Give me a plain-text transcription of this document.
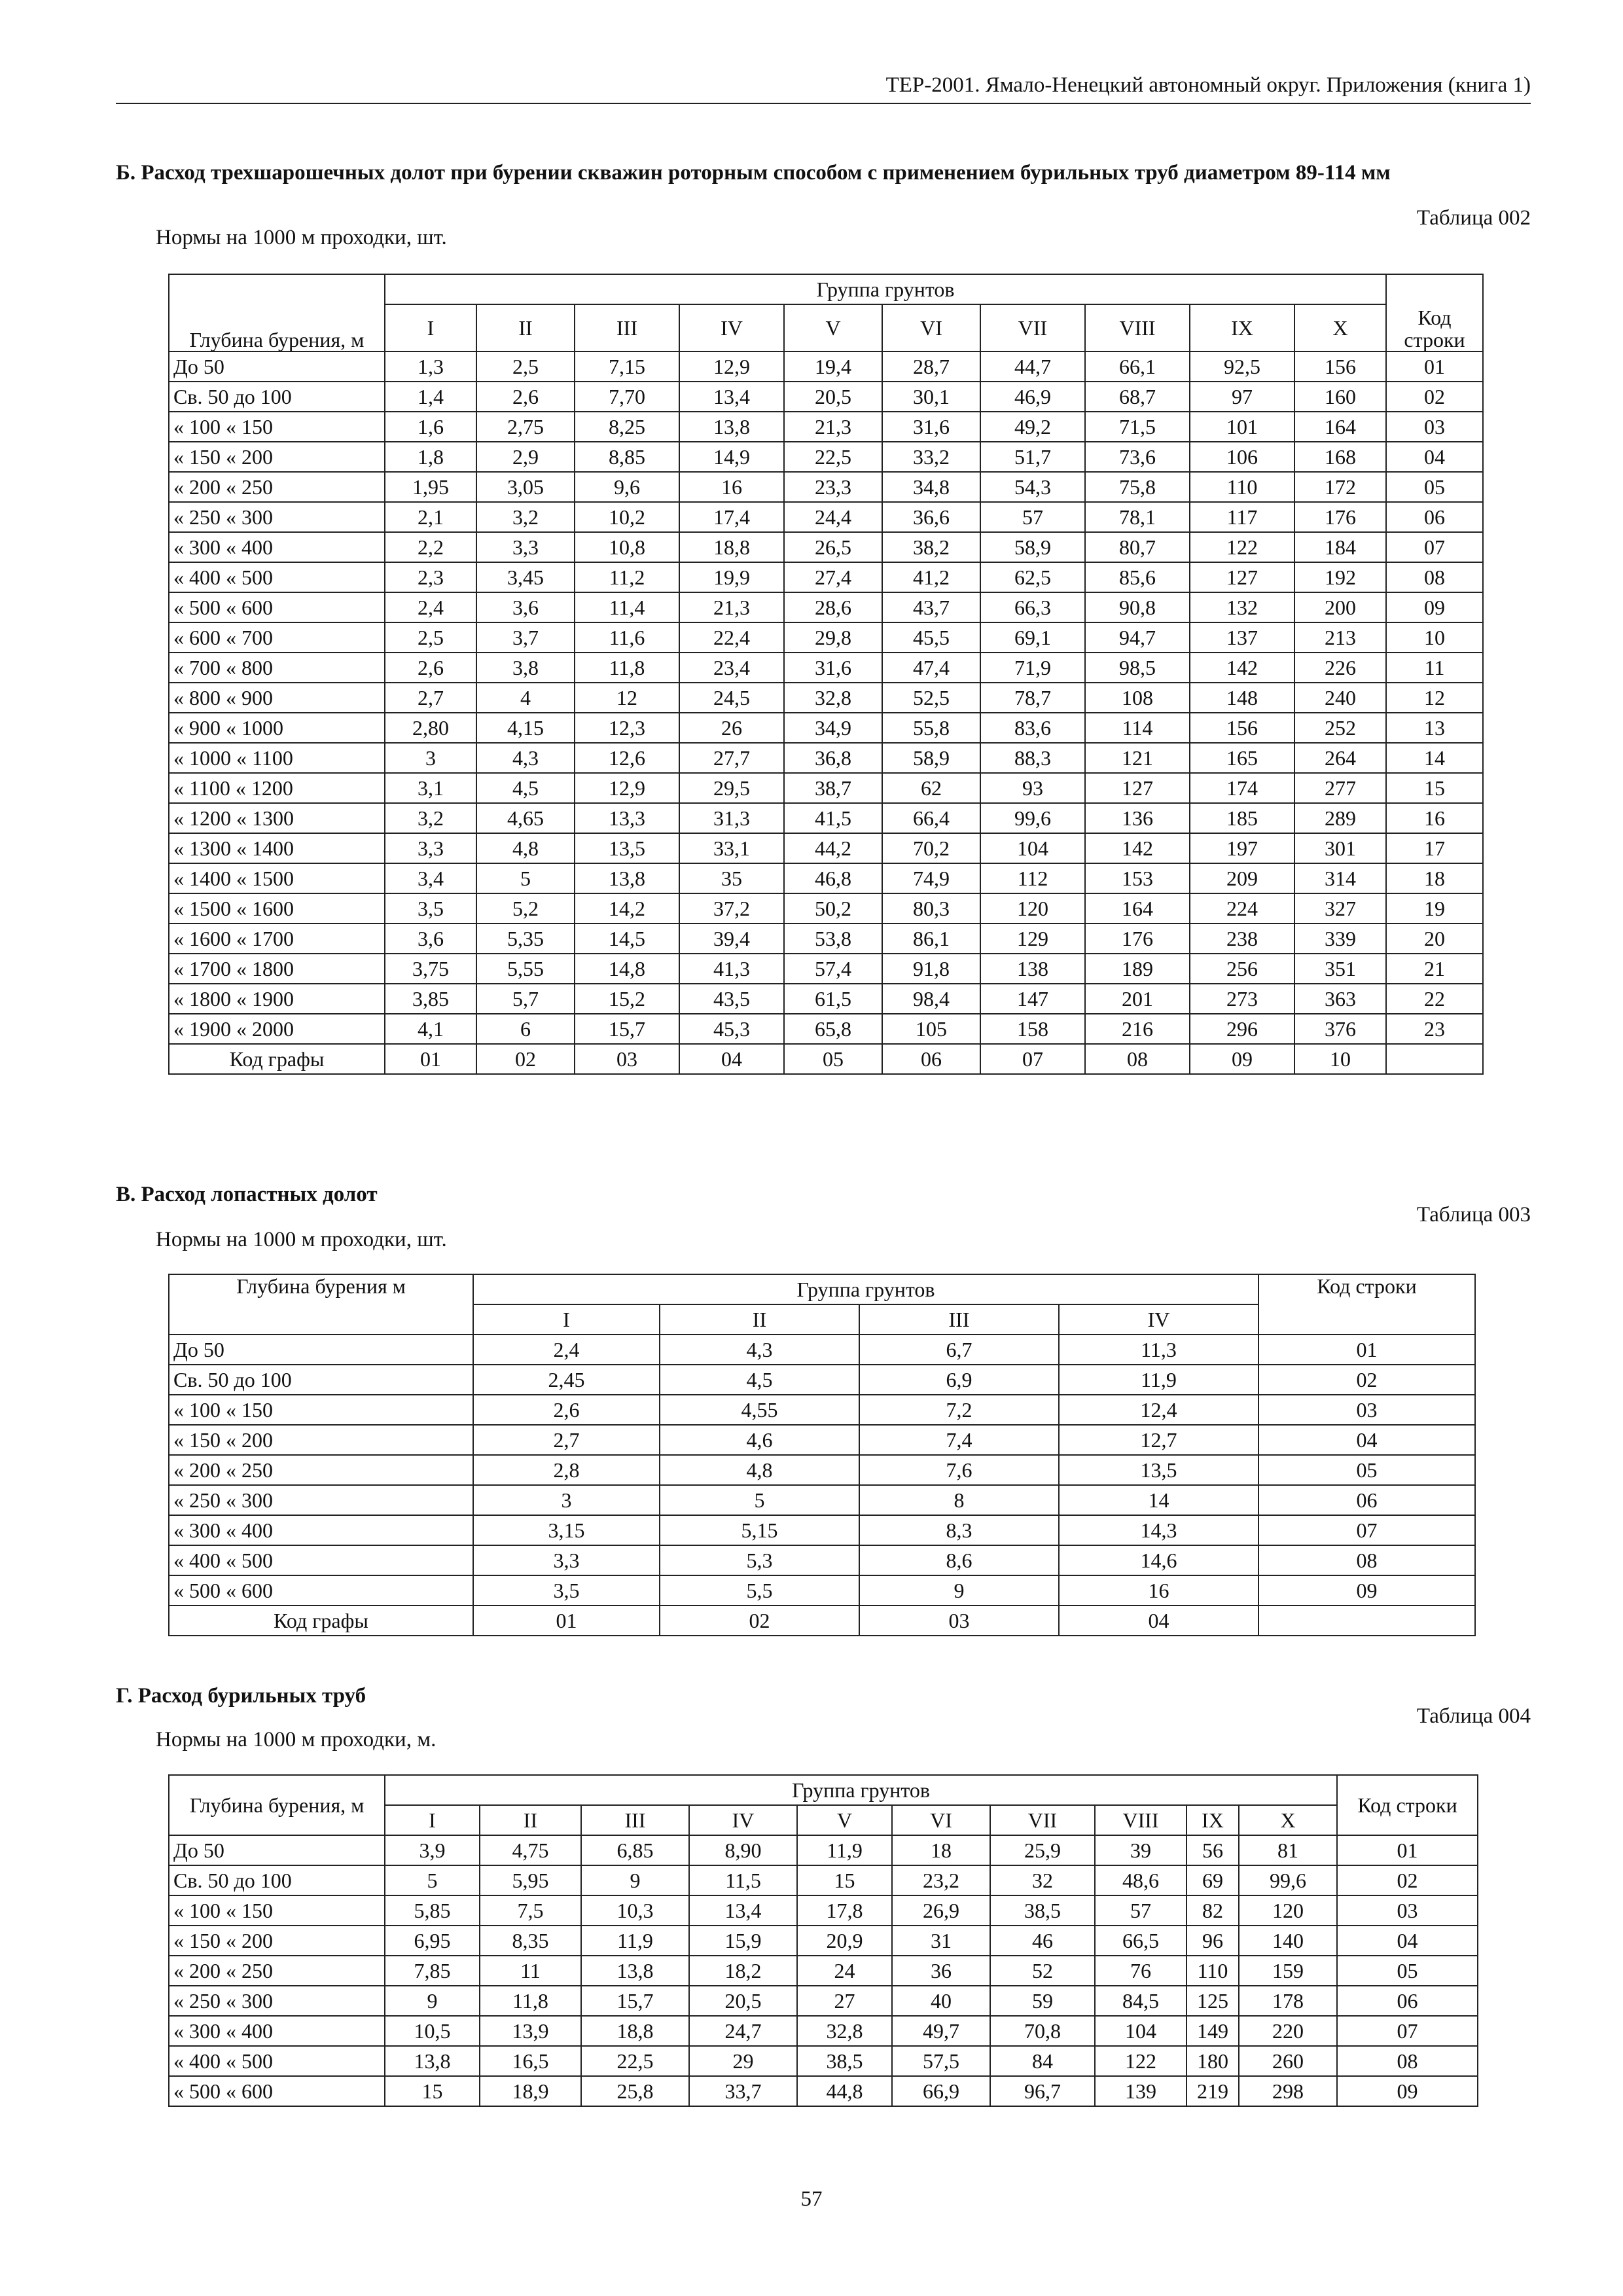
ТЕР-2001. Ямало-Ненецкий автономный округ. Приложения (книга 1)
Б. Расход трехшарошечных долот при бурении скважин роторным способом с применением бурильных труб диаметром 89-114 мм
Таблица 002
Нормы на 1000 м проходки, шт.
Глубина бурения, м	Группа грунтов										Код строки
	I	II	III	IV	V	VI	VII	VIII	IX	X	
До 50	1,3	2,5	7,15	12,9	19,4	28,7	44,7	66,1	92,5	156	01
Св. 50 до 100	1,4	2,6	7,70	13,4	20,5	30,1	46,9	68,7	97	160	02
« 100 « 150	1,6	2,75	8,25	13,8	21,3	31,6	49,2	71,5	101	164	03
« 150 « 200	1,8	2,9	8,85	14,9	22,5	33,2	51,7	73,6	106	168	04
« 200 « 250	1,95	3,05	9,6	16	23,3	34,8	54,3	75,8	110	172	05
« 250 « 300	2,1	3,2	10,2	17,4	24,4	36,6	57	78,1	117	176	06
« 300 « 400	2,2	3,3	10,8	18,8	26,5	38,2	58,9	80,7	122	184	07
« 400 « 500	2,3	3,45	11,2	19,9	27,4	41,2	62,5	85,6	127	192	08
« 500 « 600	2,4	3,6	11,4	21,3	28,6	43,7	66,3	90,8	132	200	09
« 600 « 700	2,5	3,7	11,6	22,4	29,8	45,5	69,1	94,7	137	213	10
« 700 « 800	2,6	3,8	11,8	23,4	31,6	47,4	71,9	98,5	142	226	11
« 800 « 900	2,7	4	12	24,5	32,8	52,5	78,7	108	148	240	12
« 900 « 1000	2,80	4,15	12,3	26	34,9	55,8	83,6	114	156	252	13
« 1000 « 1100	3	4,3	12,6	27,7	36,8	58,9	88,3	121	165	264	14
« 1100 « 1200	3,1	4,5	12,9	29,5	38,7	62	93	127	174	277	15
« 1200 « 1300	3,2	4,65	13,3	31,3	41,5	66,4	99,6	136	185	289	16
« 1300 « 1400	3,3	4,8	13,5	33,1	44,2	70,2	104	142	197	301	17
« 1400 « 1500	3,4	5	13,8	35	46,8	74,9	112	153	209	314	18
« 1500 « 1600	3,5	5,2	14,2	37,2	50,2	80,3	120	164	224	327	19
« 1600 « 1700	3,6	5,35	14,5	39,4	53,8	86,1	129	176	238	339	20
« 1700 « 1800	3,75	5,55	14,8	41,3	57,4	91,8	138	189	256	351	21
« 1800 « 1900	3,85	5,7	15,2	43,5	61,5	98,4	147	201	273	363	22
« 1900 « 2000	4,1	6	15,7	45,3	65,8	105	158	216	296	376	23
Код графы	01	02	03	04	05	06	07	08	09	10	
В. Расход лопастных долот
Таблица 003
Нормы на 1000 м проходки, шт.
Глубина бурения м	Группа грунтов				Код строки
	I	II	III	IV	
До 50	2,4	4,3	6,7	11,3	01
Св. 50 до 100	2,45	4,5	6,9	11,9	02
« 100 « 150	2,6	4,55	7,2	12,4	03
« 150 « 200	2,7	4,6	7,4	12,7	04
« 200 « 250	2,8	4,8	7,6	13,5	05
« 250 « 300	3	5	8	14	06
« 300 « 400	3,15	5,15	8,3	14,3	07
« 400 « 500	3,3	5,3	8,6	14,6	08
« 500 « 600	3,5	5,5	9	16	09
Код графы	01	02	03	04	
Г. Расход бурильных труб
Таблица 004
Нормы на 1000 м проходки, м.
Глубина бурения, м	Группа грунтов										Код строки
	I	II	III	IV	V	VI	VII	VIII	IX	X	
До 50	3,9	4,75	6,85	8,90	11,9	18	25,9	39	56	81	01
Св. 50 до 100	5	5,95	9	11,5	15	23,2	32	48,6	69	99,6	02
« 100 « 150	5,85	7,5	10,3	13,4	17,8	26,9	38,5	57	82	120	03
« 150 « 200	6,95	8,35	11,9	15,9	20,9	31	46	66,5	96	140	04
« 200 « 250	7,85	11	13,8	18,2	24	36	52	76	110	159	05
« 250 « 300	9	11,8	15,7	20,5	27	40	59	84,5	125	178	06
« 300 « 400	10,5	13,9	18,8	24,7	32,8	49,7	70,8	104	149	220	07
« 400 « 500	13,8	16,5	22,5	29	38,5	57,5	84	122	180	260	08
« 500 « 600	15	18,9	25,8	33,7	44,8	66,9	96,7	139	219	298	09
57
